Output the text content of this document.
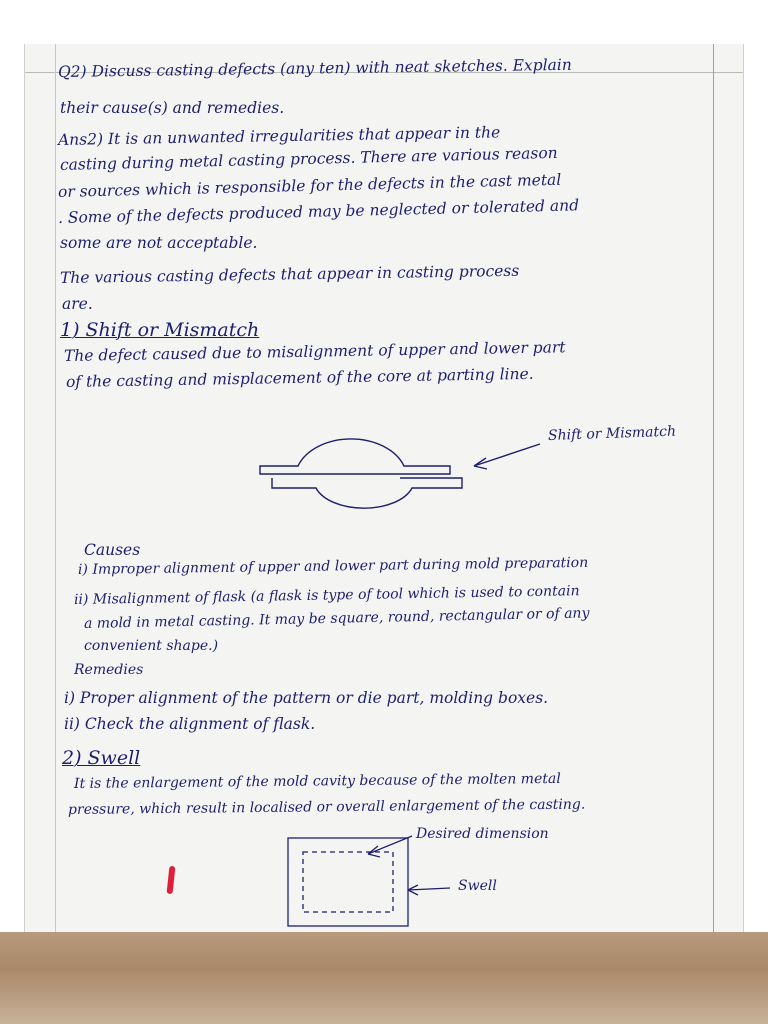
Q2) Discuss casting defects (any ten) with neat sketches. Explain

their cause(s) and remedies.

Ans2) It is an unwanted irregularities that appear in the

casting during metal casting process. There are various reason

or sources which is responsible for the defects in the cast metal

. Some of the defects produced may be neglected or tolerated and

some are not acceptable.

The various casting defects that appear in casting process

are.

1) Shift or Mismatch

The defect caused due to misalignment of upper and lower part

of the casting and misplacement of the core at parting line.

Shift or Mismatch

Causes

i) Improper alignment of upper and lower part during mold preparation

ii) Misalignment of flask (a flask is type of tool which is used to contain

a mold in metal casting. It may be square, round, rectangular or of any

convenient shape.)

Remedies

i) Proper alignment of the pattern or die part, molding boxes.

ii) Check the alignment of flask.

2) Swell

It is the enlargement of the mold cavity because of the molten metal

pressure, which result in localised or overall enlargement of the casting.

Desired dimension

Swell
